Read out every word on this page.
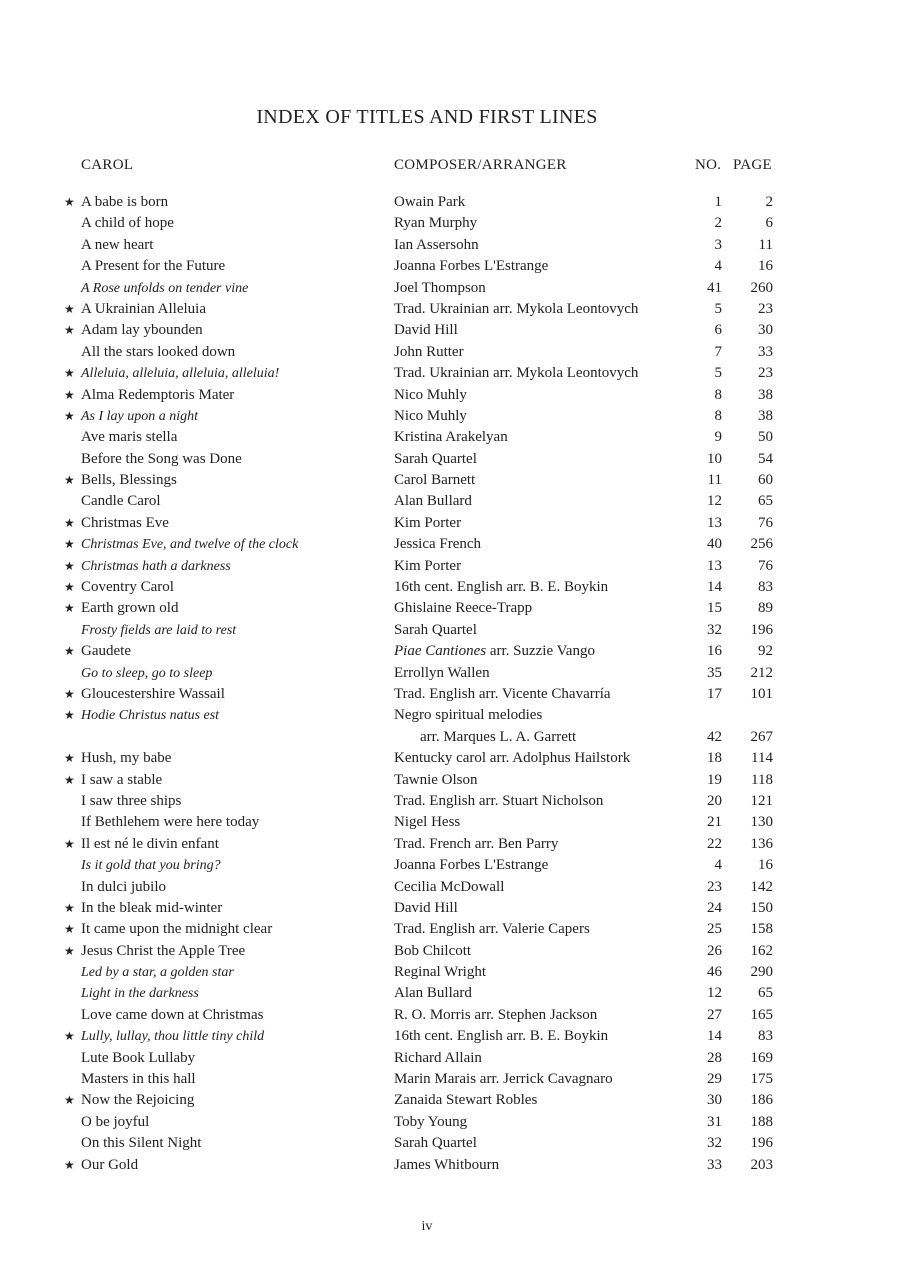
INDEX OF TITLES AND FIRST LINES
CAROL	COMPOSER/ARRANGER	NO. PAGE
★ A babe is born	Owain Park	1	2
A child of hope	Ryan Murphy	2	6
A new heart	Ian Assersohn	3 11
A Present for the Future	Joanna Forbes L'Estrange	4 16
A Rose unfolds on tender vine	Joel Thompson	41 260
★ A Ukrainian Alleluia	Trad. Ukrainian arr. Mykola Leontovych	5 23
★ Adam lay ybounden	David Hill	6 30
All the stars looked down	John Rutter	7 33
★ Alleluia, alleluia, alleluia, alleluia!	Trad. Ukrainian arr. Mykola Leontovych	5 23
★ Alma Redemptoris Mater	Nico Muhly	8 38
★ As I lay upon a night	Nico Muhly	8 38
Ave maris stella	Kristina Arakelyan	9 50
Before the Song was Done	Sarah Quartel	10 54
★ Bells, Blessings	Carol Barnett	11 60
Candle Carol	Alan Bullard	12 65
★ Christmas Eve	Kim Porter	13 76
★ Christmas Eve, and twelve of the clock	Jessica French	40 256
★ Christmas hath a darkness	Kim Porter	13 76
★ Coventry Carol	16th cent. English arr. B. E. Boykin	14 83
★ Earth grown old	Ghislaine Reece-Trapp	15 89
Frosty fields are laid to rest	Sarah Quartel	32 196
★ Gaudete	Piae Cantiones arr. Suzzie Vango	16 92
Go to sleep, go to sleep	Errollyn Wallen	35 212
★ Gloucestershire Wassail	Trad. English arr. Vicente Chavarría	17 101
★ Hodie Christus natus est	Negro spiritual melodies
arr. Marques L. A. Garrett	42 267
★ Hush, my babe	Kentucky carol arr. Adolphus Hailstork	18 114
★ I saw a stable	Tawnie Olson	19 118
I saw three ships	Trad. English arr. Stuart Nicholson	20 121
If Bethlehem were here today	Nigel Hess	21 130
★ Il est né le divin enfant	Trad. French arr. Ben Parry	22 136
Is it gold that you bring?	Joanna Forbes L'Estrange	4 16
In dulci jubilo	Cecilia McDowall	23 142
★ In the bleak mid-winter	David Hill	24 150
★ It came upon the midnight clear	Trad. English arr. Valerie Capers	25 158
★ Jesus Christ the Apple Tree	Bob Chilcott	26 162
Led by a star, a golden star	Reginal Wright	46 290
Light in the darkness	Alan Bullard	12 65
Love came down at Christmas	R. O. Morris arr. Stephen Jackson	27 165
★ Lully, lullay, thou little tiny child	16th cent. English arr. B. E. Boykin	14 83
Lute Book Lullaby	Richard Allain	28 169
Masters in this hall	Marin Marais arr. Jerrick Cavagnaro	29 175
★ Now the Rejoicing	Zanaida Stewart Robles	30 186
O be joyful	Toby Young	31 188
On this Silent Night	Sarah Quartel	32 196
★ Our Gold	James Whitbourn	33 203
iv
